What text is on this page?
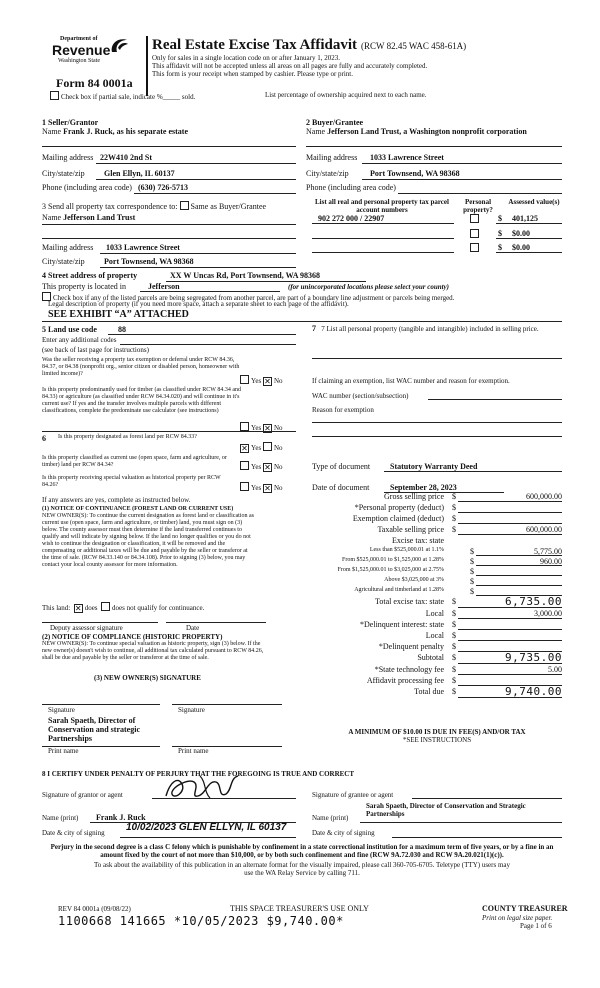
Department of
Revenue
Washington State
Real Estate Excise Tax Affidavit (RCW 82.45 WAC 458-61A)
Only for sales in a single location code on or after January 1, 2023.
This affidavit will not be accepted unless all areas on all pages are fully and accurately completed.
This form is your receipt when stamped by cashier. Please type or print.
Form 84 0001a
Check box if partial sale, indicate %_____ sold.	List percentage of ownership acquired next to each name.
1 Seller/Grantor
Name Frank J. Ruck, as his separate estate
2 Buyer/Grantee
Name Jefferson Land Trust, a Washington nonprofit corporation
Mailing address 22W410 2nd St
City/state/zip Glen Ellyn, IL 60137
Phone (including area code) (630) 726-5713
Mailing address 1033 Lawrence Street
City/state/zip	Port Townsend, WA 98368
Phone (including area code)
3 Send all property tax correspondence to: Same as Buyer/Grantee
Name Jefferson Land Trust
Mailing address 1033 Lawrence Street
City/state/zip Port Townsend, WA 98368
List all real and personal property tax parcel account numbers
Personal property?
Assessed value(s)
902 272 000 / 22907	$ 401,125
$ $0.00
$ $0.00
4 Street address of property	XX W Uncas Rd, Port Townsend, WA 98368
This property is located in	Jefferson	(for unincorporated locations please select your county)
Check box if any of the listed parcels are being segregated from another parcel, are part of a boundary line adjustment or parcels being merged.
Legal description of property (if you need more space, attach a separate sheet to each page of the affidavit).
SEE EXHIBIT “A” ATTACHED
5 Land use code	88
Enter any additional codes
(see back of last page for instructions)
Was the seller receiving a property tax exemption or deferral under RCW 84.36, 84.37, or 84.38 (nonprofit org., senior citizen or disabled person, homeowner with limited income)?
Yes ✕ No
Is this property predominantly used for timber (as classified under RCW 84.34 and 84.33) or agriculture (as classified under RCW 84.34.020) and will continue in it's current use? If yes and the transfer involves multiple parcels with different classifications, complete the predominate use calculator (see instructions)
Yes ✕ No
6 Is this property designated as forest land per RCW 84.33?
✕ Yes No
Is this property classified as current use (open space, farm and agriculture, or timber) land per RCW 84.34?	Yes ✕ No
Is this property receiving special valuation as historical property per RCW 84.26?	Yes ✕ No
If any answers are yes, complete as instructed below.
(1) NOTICE OF CONTINUANCE (FOREST LAND OR CURRENT USE)
NEW OWNER(S): To continue the current designation as forest land or classification as current use (open space, farm and agriculture, or timber) land, you must sign on (3) below. The county assessor must then determine if the land transferred continues to qualify and will indicate by signing below. If the land no longer qualifies or you do not wish to continue the designation or classification, it will be removed and the compensating or additional taxes will be due and payable by the seller or transferor at the time of sale. (RCW 84.33.140 or 84.34.108). Prior to signing (3) below, you may contact your local county assessor for more information.
This land: ✕ does does not qualify for continuance.
Deputy assessor signature	Date
(2) NOTICE OF COMPLIANCE (HISTORIC PROPERTY)
NEW OWNER(S): To continue special valuation as historic property, sign (3) below. If the new owner(s) doesn't wish to continue, all additional tax calculated pursuant to RCW 84.26, shall be due and payable by the seller or transferor at the time of sale.
(3) NEW OWNER(S) SIGNATURE
Signature	Signature
Sarah Spaeth, Director of Conservation and strategic Partnerships
Print name	Print name
7 7 List all personal property (tangible and intangible) included in selling price.
If claiming an exemption, list WAC number and reason for exemption.
WAC number (section/subsection)
Reason for exemption
Type of document Statutory Warranty Deed
Date of document	September 28, 2023
Gross selling price $	600,000.00
*Personal property (deduct) $
Exemption claimed (deduct) $
Taxable selling price $	600,000.00
Excise tax: state
Less than $525,000.01 at 1.1%	$	5,775.00
From $525,000.01 to $1,525,000 at 1.28%	$	960.00
From $1,525,000.01 to $3,025,000 at 2.75%	$
Above $3,025,000 at 3%	$
Agricultural and timberland at 1.28%	$
Total excise tax: state $	6,735.00
Local $	3,000.00
*Delinquent interest: state $
Local $
*Delinquent penalty $
Subtotal $	9,735.00
*State technology fee $	5.00
Affidavit processing fee $
Total due $	9,740.00
A MINIMUM OF $10.00 IS DUE IN FEE(S) AND/OR TAX
*SEE INSTRUCTIONS
8 I CERTIFY UNDER PENALTY OF PERJURY THAT THE FOREGOING IS TRUE AND CORRECT
Signature of grantor or agent	Signature of grantee or agent
Name (print) Frank J. Ruck	Name (print)
Sarah Spaeth, Director of Conservation and Strategic Partnerships
Date & city of signing 10/02/2023 GLEN ELLYN, IL 60137	Date & city of signing
Perjury in the second degree is a class C felony which is punishable by confinement in a state correctional institution for a maximum term of five years, or by a fine in an amount fixed by the court of not more than $10,000, or by both such confinement and fine (RCW 9A.72.030 and RCW 9A.20.021(1)(c)).
To ask about the availability of this publication in an alternate format for the visually impaired, please call 360-705-6705. Teletype (TTY) users may use the WA Relay Service by calling 711.
REV 84 0001a (09/08/22)	THIS SPACE TREASURER'S USE ONLY	COUNTY TREASURER
Print on legal size paper.
Page 1 of 6
1100668 141665 *10/05/2023 $9,740.00*
